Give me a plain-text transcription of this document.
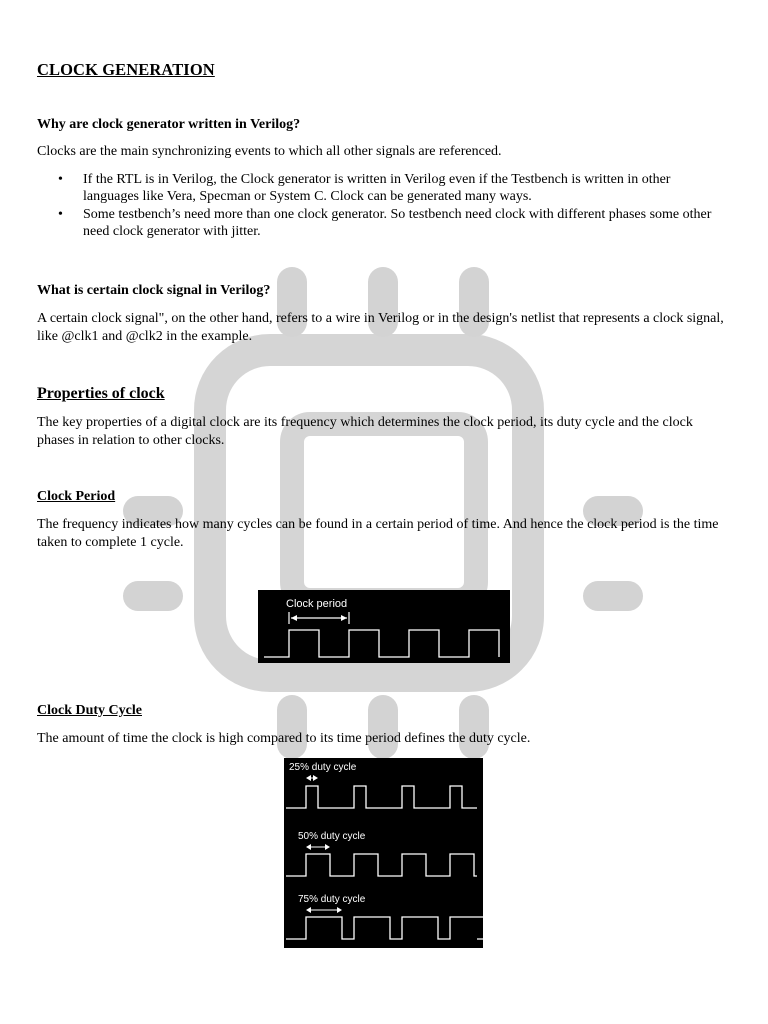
CLOCK GENERATION
Why are clock generator written in Verilog?

Clocks are the main synchronizing events to which all other signals are referenced.

• If the RTL is in Verilog, the Clock generator is written in Verilog even if the Testbench is written in other languages like Vera, Specman or System C. Clock can be generated many ways.
• Some testbench’s need more than one clock generator. So testbench need clock with different phases some other need clock generator with jitter.
What is certain clock signal in Verilog?

A certain clock signal", on the other hand, refers to a wire in Verilog or in the design's netlist that represents a clock signal, like @clk1 and @clk2 in the example.

Properties of clock

The key properties of a digital clock are its frequency which determines the clock period, its duty cycle and the clock phases in relation to other clocks.

Clock Period

The frequency indicates how many cycles can be found in a certain period of time. And hence the clock period is the time taken to complete 1 cycle.

Clock period
Clock Duty Cycle

The amount of time the clock is high compared to its time period defines the duty cycle.

25% duty cycle
50% duty cycle
75% duty cycle
